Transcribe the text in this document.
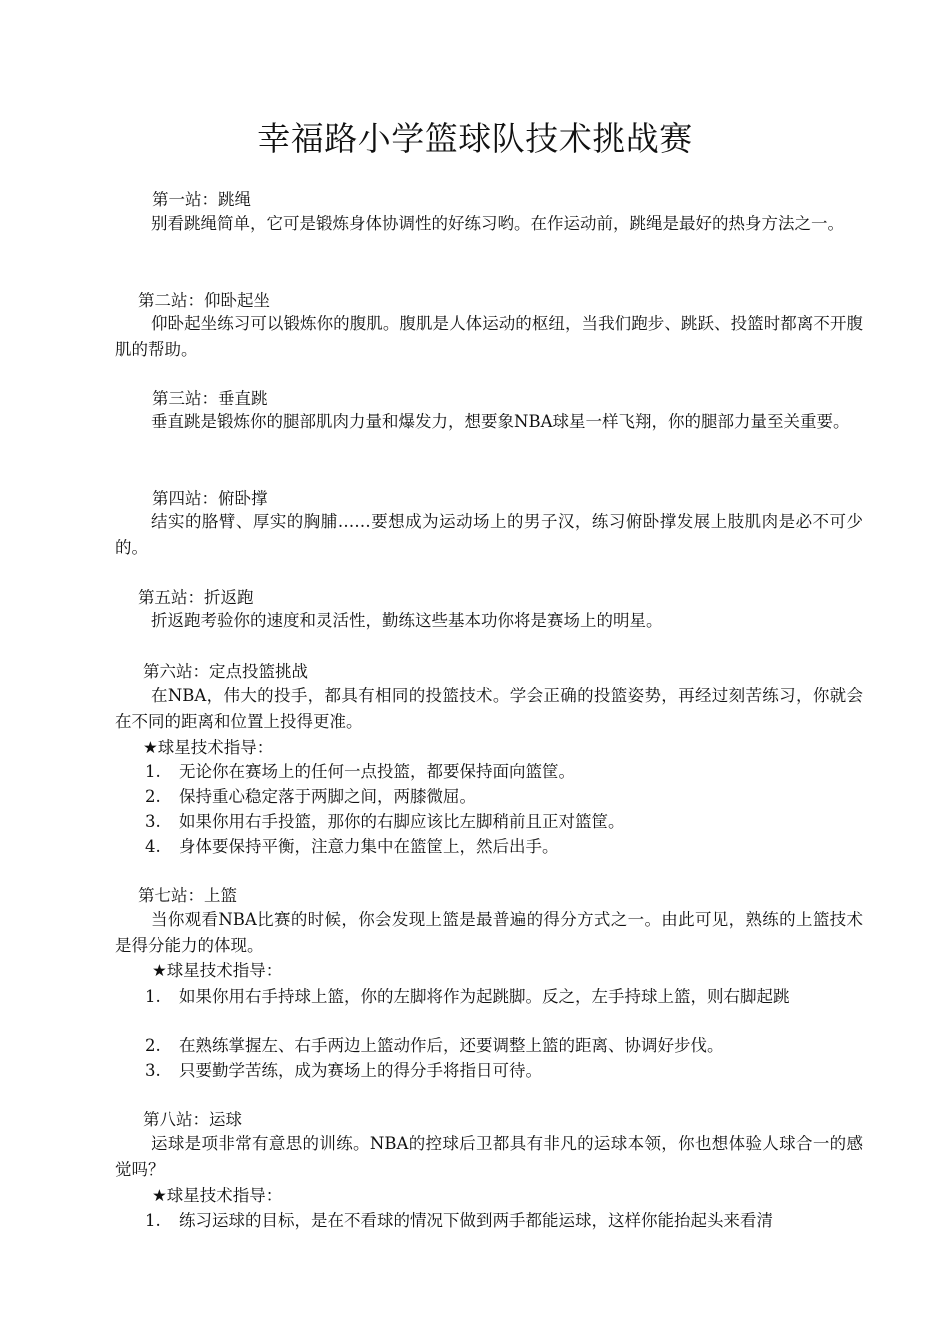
幸福路小学篮球队技术挑战赛
第一站：跳绳

别看跳绳简单，它可是锻炼身体协调性的好练习哟。在作运动前，跳绳是最好的热身方法之一。

第二站：仰卧起坐

仰卧起坐练习可以锻炼你的腹肌。腹肌是人体运动的枢纽，当我们跑步、跳跃、投篮时都离不开腹肌的帮助。

第三站：垂直跳

垂直跳是锻炼你的腿部肌肉力量和爆发力，想要象NBA球星一样飞翔，你的腿部力量至关重要。

第四站：俯卧撑

结实的胳臂、厚实的胸脯……要想成为运动场上的男子汉，练习俯卧撑发展上肢肌肉是必不可少的。

第五站：折返跑

折返跑考验你的速度和灵活性，勤练这些基本功你将是赛场上的明星。

第六站：定点投篮挑战

在NBA，伟大的投手，都具有相同的投篮技术。学会正确的投篮姿势，再经过刻苦练习，你就会在不同的距离和位置上投得更准。

★球星技术指导：
1. 无论你在赛场上的任何一点投篮，都要保持面向篮筐。
2. 保持重心稳定落于两脚之间，两膝微屈。
3. 如果你用右手投篮，那你的右脚应该比左脚稍前且正对篮筐。
4. 身体要保持平衡，注意力集中在篮筐上，然后出手。
第七站：上篮

当你观看NBA比赛的时候，你会发现上篮是最普遍的得分方式之一。由此可见，熟练的上篮技术是得分能力的体现。

★球星技术指导：
1. 如果你用右手持球上篮，你的左脚将作为起跳脚。反之，左手持球上篮，则右脚起跳
2. 在熟练掌握左、右手两边上篮动作后，还要调整上篮的距离、协调好步伐。
3. 只要勤学苦练，成为赛场上的得分手将指日可待。
第八站：运球

运球是项非常有意思的训练。NBA的控球后卫都具有非凡的运球本领，你也想体验人球合一的感觉吗？

★球星技术指导：
1. 练习运球的目标，是在不看球的情况下做到两手都能运球，这样你能抬起头来看清
